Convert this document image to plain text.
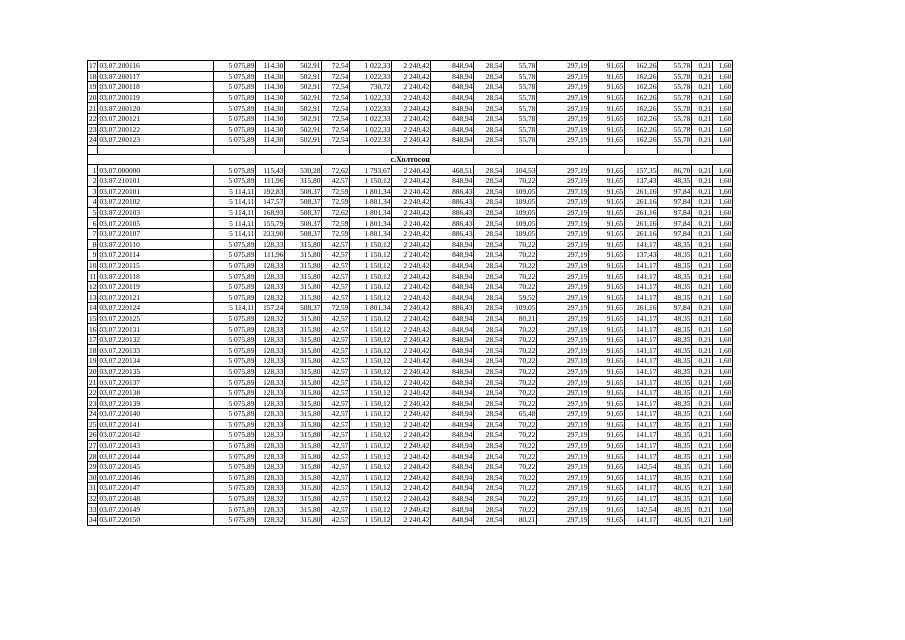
17	03.07.200116	5 075,89	114,30	502,91	72,54	1 022,33	2 240,42	848,94	28,54	55,78	297,19	91,65	162,26	55,78	0,21	1,60
18	03.07.200117	5 075,89	114,30	502,91	72,54	1 022,33	2 240,42	848,94	28,54	55,78	297,19	91,65	162,26	55,78	0,21	1,60
19	03.07.200118	5 075,89	114,30	502,91	72,54	730,72	2 240,42	848,94	28,54	55,78	297,19	91,65	162,26	55,78	0,21	1,60
20	03.07.200119	5 075,89	114,30	502,91	72,54	1 022,33	2 240,42	848,94	28,54	55,78	297,19	91,65	162,26	55,78	0,21	1,60
21	03.07.200120	5 075,89	114,30	502,91	72,54	1 022,33	2 240,42	848,94	28,54	55,78	297,19	91,65	162,26	55,78	0,21	1,60
22	03.07.200121	5 075,89	114,30	502,91	72,54	1 022,33	2 240,42	848,94	28,54	55,78	297,19	91,65	162,26	55,78	0,21	1,60
23	03.07.200122	5 075,89	114,30	502,91	72,54	1 022,33	2 240,42	848,94	28,54	55,78	297,19	91,65	162,26	55,78	0,21	1,60
24	03.07.200123	5 075,89	114,30	502,91	72,54	1 022,33	2 240,42	848,94	28,54	55,78	297,19	91,65	162,26	55,78	0,21	1,60

с.Холтосон																
1	03.07.000000	5 075,89	115,43	530,28	72,62	1 793,67	2 240,42	468,51	28,54	104,53	297,19	91,65	157,35	86,70	0,21	1,60
2	03.07.210101	5 075,89	111,96	315,80	42,57	1 150,12	2 240,42	848,94	28,54	70,22	297,19	91,65	137,43	48,35	0,21	1,60
3	03.07.220101	5 114,11	192,83	508,37	72,59	1 801,34	2 240,42	886,43	28,54	109,05	297,19	91,65	261,16	97,84	0,21	1,60
4	03.07.220102	5 114,11	147,57	508,37	72,59	1 801,34	2 240,42	886,43	28,54	109,05	297,19	91,65	261,16	97,84	0,21	1,60
5	03.07.220103	5 114,11	168,93	508,37	72,62	1 801,34	2 240,42	886,43	28,54	109,05	297,19	91,65	261,16	97,84	0,21	1,60
6	03.07.220105	5 114,11	155,79	508,37	72,59	1 801,34	2 240,42	886,43	28,54	109,05	297,19	91,65	261,16	97,84	0,21	1,60
7	03.07.220107	5 114,11	233,90	508,37	72,59	1 801,34	2 240,42	886,43	28,54	109,05	297,19	91,65	261,16	97,84	0,21	1,60
8	03.07.220110	5 075,89	128,33	315,80	42,57	1 150,12	2 240,42	848,94	28,54	70,22	297,19	91,65	141,17	48,35	0,21	1,60
9	03.07.220114	5 075,89	111,96	315,80	42,57	1 150,12	2 240,42	848,94	28,54	70,22	297,19	91,65	137,43	48,35	0,21	1,60
10	03.07.220115	5 075,89	128,33	315,80	42,57	1 150,12	2 240,42	848,94	28,54	70,22	297,19	91,65	141,17	48,35	0,21	1,60
11	03.07.220118	5 075,89	128,33	315,80	42,57	1 150,12	2 240,42	848,94	28,54	70,22	297,19	91,65	141,17	48,35	0,21	1,60
12	03.07.220119	5 075,89	128,33	315,80	42,57	1 150,12	2 240,42	848,94	28,54	70,22	297,19	91,65	141,17	48,35	0,21	1,60
13	03.07.220121	5 075,89	128,32	315,80	42,57	1 150,12	2 240,42	848,94	28,54	59,52	297,19	91,65	141,17	48,35	0,21	1,60
14	03.07.220124	5 114,11	157,24	508,37	72,59	1 801,34	2 240,42	886,43	28,54	109,05	297,19	91,65	261,16	97,84	0,21	1,60
15	03.07.220125	5 075,89	128,32	315,80	42,57	1 150,12	2 240,42	848,94	28,54	80,21	297,19	91,65	141,17	48,35	0,21	1,60
16	03.07.220131	5 075,89	128,33	315,80	42,57	1 150,12	2 240,42	848,94	28,54	70,22	297,19	91,65	141,17	48,35	0,21	1,60
17	03.07.220132	5 075,89	128,33	315,80	42,57	1 150,12	2 240,42	848,94	28,54	70,22	297,19	91,65	141,17	48,35	0,21	1,60
18	03.07.220133	5 075,89	128,33	315,80	42,57	1 150,12	2 240,42	848,94	28,54	70,22	297,19	91,65	141,17	48,35	0,21	1,60
19	03.07.220134	5 075,89	128,33	315,80	42,57	1 150,12	2 240,42	848,94	28,54	70,22	297,19	91,65	141,17	48,35	0,21	1,60
20	03.07.220135	5 075,89	128,33	315,80	42,57	1 150,12	2 240,42	848,94	28,54	70,22	297,19	91,65	141,17	48,35	0,21	1,60
21	03.07.220137	5 075,89	128,33	315,80	42,57	1 150,12	2 240,42	848,94	28,54	70,22	297,19	91,65	141,17	48,35	0,21	1,60
22	03.07.220138	5 075,89	128,33	315,80	42,57	1 150,12	2 240,42	848,94	28,54	70,22	297,19	91,65	141,17	48,35	0,21	1,60
23	03.07.220139	5 075,89	128,33	315,80	42,57	1 150,12	2 240,42	848,94	28,54	70,22	297,19	91,65	141,17	48,35	0,21	1,60
24	03.07.220140	5 075,89	128,33	315,80	42,57	1 150,12	2 240,42	848,94	28,54	65,48	297,19	91,65	141,17	48,35	0,21	1,60
25	03.07.220141	5 075,89	128,33	315,80	42,57	1 150,12	2 240,42	848,94	28,54	70,22	297,19	91,65	141,17	48,35	0,21	1,60
26	03.07.220142	5 075,89	128,33	315,80	42,57	1 150,12	2 240,42	848,94	28,54	70,22	297,19	91,65	141,17	48,35	0,21	1,60
27	03.07.220143	5 075,89	128,33	315,80	42,57	1 150,12	2 240,42	848,94	28,54	70,22	297,19	91,65	141,17	48,35	0,21	1,60
28	03.07.220144	5 075,89	128,33	315,80	42,57	1 150,12	2 240,42	848,94	28,54	70,22	297,19	91,65	141,17	48,35	0,21	1,60
29	03.07.220145	5 075,89	128,33	315,80	42,57	1 150,12	2 240,42	848,94	28,54	70,22	297,19	91,65	142,54	48,35	0,21	1,60
30	03.07.220146	5 075,89	128,33	315,80	42,57	1 150,12	2 240,42	848,94	28,54	70,22	297,19	91,65	141,17	48,35	0,21	1,60
31	03.07.220147	5 075,89	128,33	315,80	42,57	1 150,12	2 240,42	848,94	28,54	70,22	297,19	91,65	141,17	48,35	0,21	1,60
32	03.07.220148	5 075,89	128,32	315,80	42,57	1 150,12	2 240,42	848,94	28,54	70,22	297,19	91,65	141,17	48,35	0,21	1,60
33	03.07.220149	5 075,89	128,33	315,80	42,57	1 150,12	2 240,42	848,94	28,54	70,22	297,19	91,65	142,54	48,35	0,21	1,60
34	03.07.220150	5 075,89	128,32	315,80	42,57	1 150,12	2 240,42	848,94	28,54	80,21	297,19	91,65	141,17	48,35	0,21	1,60
